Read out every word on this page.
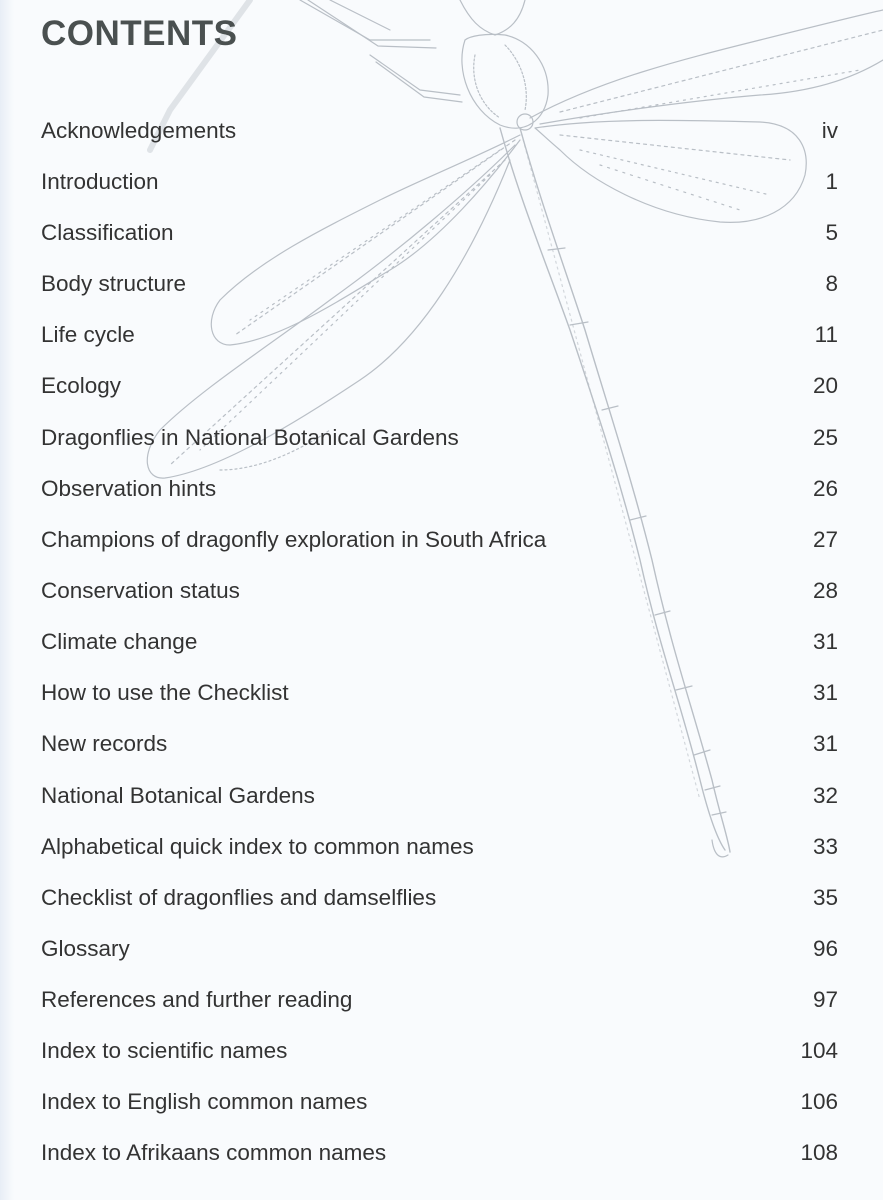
CONTENTS
Acknowledgements	iv
Introduction	1
Classification	5
Body structure	8
Life cycle	11
Ecology	20
Dragonflies in National Botanical Gardens	25
Observation hints	26
Champions of dragonfly exploration in South Africa	27
Conservation status	28
Climate change	31
How to use the Checklist	31
New records	31
National Botanical Gardens	32
Alphabetical quick index to common names	33
Checklist of dragonflies and damselflies	35
Glossary	96
References and further reading	97
Index to scientific names	104
Index to English common names	106
Index to Afrikaans common names	108
